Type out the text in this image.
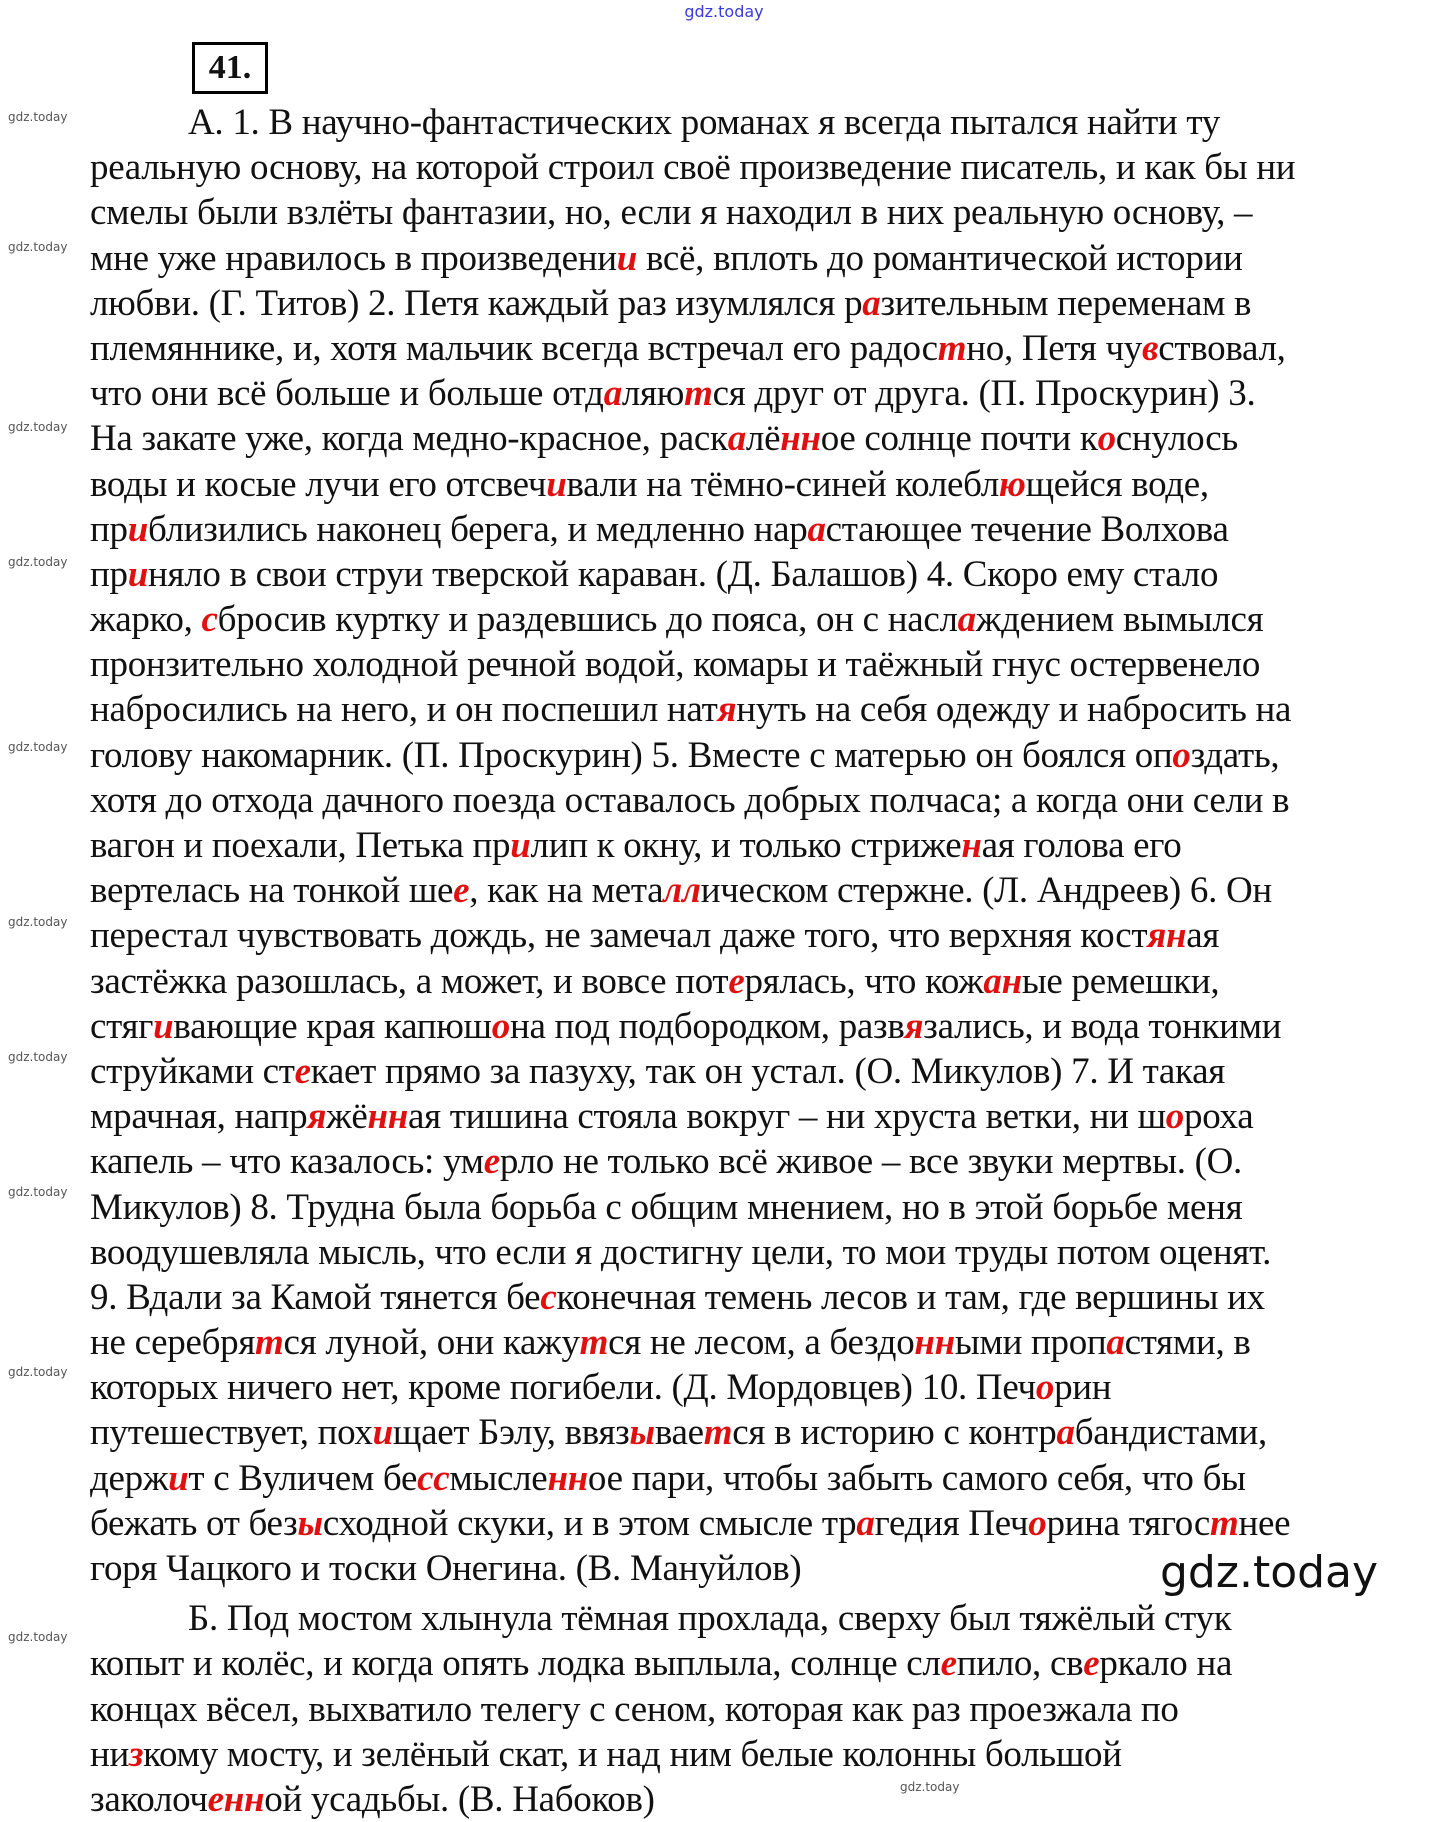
gdz.today
41.
А. 1. В научно-фантастических романах я всегда пытался найти ту
реальную основу, на которой строил своё произведение писатель, и как бы ни
смелы были взлёты фантазии, но, если я находил в них реальную основу, –
мне уже нравилось в произведении всё, вплоть до романтической истории
любви. (Г. Титов) 2. Петя каждый раз изумлялся разительным переменам в
племяннике, и, хотя мальчик всегда встречал его радостно, Петя чувствовал,
что они всё больше и больше отдаляются друг от друга. (П. Проскурин) 3.
На закате уже, когда медно-красное, раскалённое солнце почти коснулось
воды и косые лучи его отсвечивали на тёмно-синей колеблющейся воде,
приблизились наконец берега, и медленно нарастающее течение Волхова
приняло в свои струи тверской караван. (Д. Балашов) 4. Скоро ему стало
жарко, сбросив куртку и раздевшись до пояса, он с наслаждением вымылся
пронзительно холодной речной водой, комары и таёжный гнус остервенело
набросились на него, и он поспешил натянуть на себя одежду и набросить на
голову накомарник. (П. Проскурин) 5. Вместе с матерью он боялся опоздать,
хотя до отхода дачного поезда оставалось добрых полчаса; а когда они сели в
вагон и поехали, Петька прилип к окну, и только стриженая голова его
вертелась на тонкой шее, как на металлическом стержне. (Л. Андреев) 6. Он
перестал чувствовать дождь, не замечал даже того, что верхняя костяная
застёжка разошлась, а может, и вовсе потерялась, что кожаные ремешки,
стягивающие края капюшона под подбородком, развязались, и вода тонкими
струйками стекает прямо за пазуху, так он устал. (О. Микулов) 7. И такая
мрачная, напряжённая тишина стояла вокруг – ни хруста ветки, ни шороха
капель – что казалось: умерло не только всё живое – все звуки мертвы. (О.
Микулов) 8. Трудна была борьба с общим мнением, но в этой борьбе меня
воодушевляла мысль, что если я достигну цели, то мои труды потом оценят.
9. Вдали за Камой тянется бесконечная темень лесов и там, где вершины их
не серебрятся луной, они кажутся не лесом, а бездонными пропастями, в
которых ничего нет, кроме погибели. (Д. Мордовцев) 10. Печорин
путешествует, похищает Бэлу, ввязывается в историю с контрабандистами,
держит с Вуличем бессмысленное пари, чтобы забыть самого себя, что бы
бежать от безысходной скуки, и в этом смысле трагедия Печорина тягостнее
горя Чацкого и тоски Онегина. (В. Мануйлов)
Б. Под мостом хлынула тёмная прохлада, сверху был тяжёлый стук
копыт и колёс, и когда опять лодка выплыла, солнце слепило, сверкало на
концах вёсел, выхватило телегу с сеном, которая как раз проезжала по
низкому мосту, и зелёный скат, и над ним белые колонны большой
заколоченной усадьбы. (В. Набоков)
gdz.today
gdz.today
gdz.today
gdz.today
gdz.today
gdz.today
gdz.today
gdz.today
gdz.today
gdz.today
gdz.today
gdz.today
